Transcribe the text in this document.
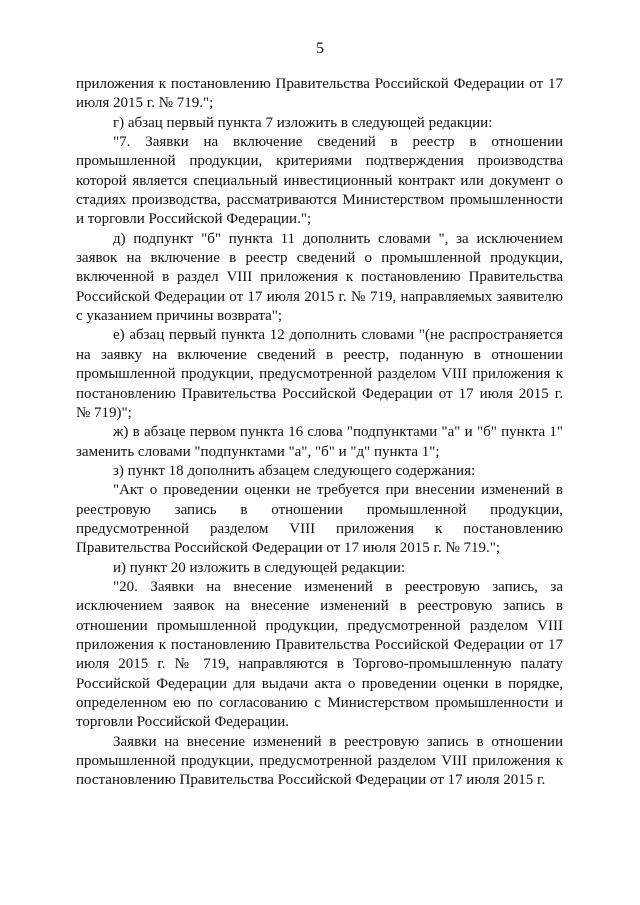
5

приложения к постановлению Правительства Российской Федерации от 17 июля 2015 г. № 719.";

г) абзац первый пункта 7 изложить в следующей редакции:

"7. Заявки на включение сведений в реестр в отношении промышленной продукции, критериями подтверждения производства которой является специальный инвестиционный контракт или документ о стадиях производства, рассматриваются Министерством промышленности и торговли Российской Федерации.";

д) подпункт "б" пункта 11 дополнить словами ", за исключением заявок на включение в реестр сведений о промышленной продукции, включенной в раздел VIII приложения к постановлению Правительства Российской Федерации от 17 июля 2015 г. № 719, направляемых заявителю с указанием причины возврата";

е) абзац первый пункта 12 дополнить словами "(не распространяется на заявку на включение сведений в реестр, поданную в отношении промышленной продукции, предусмотренной разделом VIII приложения к постановлению Правительства Российской Федерации от 17 июля 2015 г. № 719)";

ж) в абзаце первом пункта 16 слова "подпунктами "а" и "б" пункта 1" заменить словами "подпунктами "а", "б" и "д" пункта 1";

з) пункт 18 дополнить абзацем следующего содержания:

"Акт о проведении оценки не требуется при внесении изменений в реестровую запись в отношении промышленной продукции, предусмотренной разделом VIII приложения к постановлению Правительства Российской Федерации от 17 июля 2015 г. № 719.";

и) пункт 20 изложить в следующей редакции:

"20. Заявки на внесение изменений в реестровую запись, за исключением заявок на внесение изменений в реестровую запись в отношении промышленной продукции, предусмотренной разделом VIII приложения к постановлению Правительства Российской Федерации от 17 июля 2015 г. № 719, направляются в Торгово-промышленную палату Российской Федерации для выдачи акта о проведении оценки в порядке, определенном ею по согласованию с Министерством промышленности и торговли Российской Федерации.

Заявки на внесение изменений в реестровую запись в отношении промышленной продукции, предусмотренной разделом VIII приложения к постановлению Правительства Российской Федерации от 17 июля 2015 г.
